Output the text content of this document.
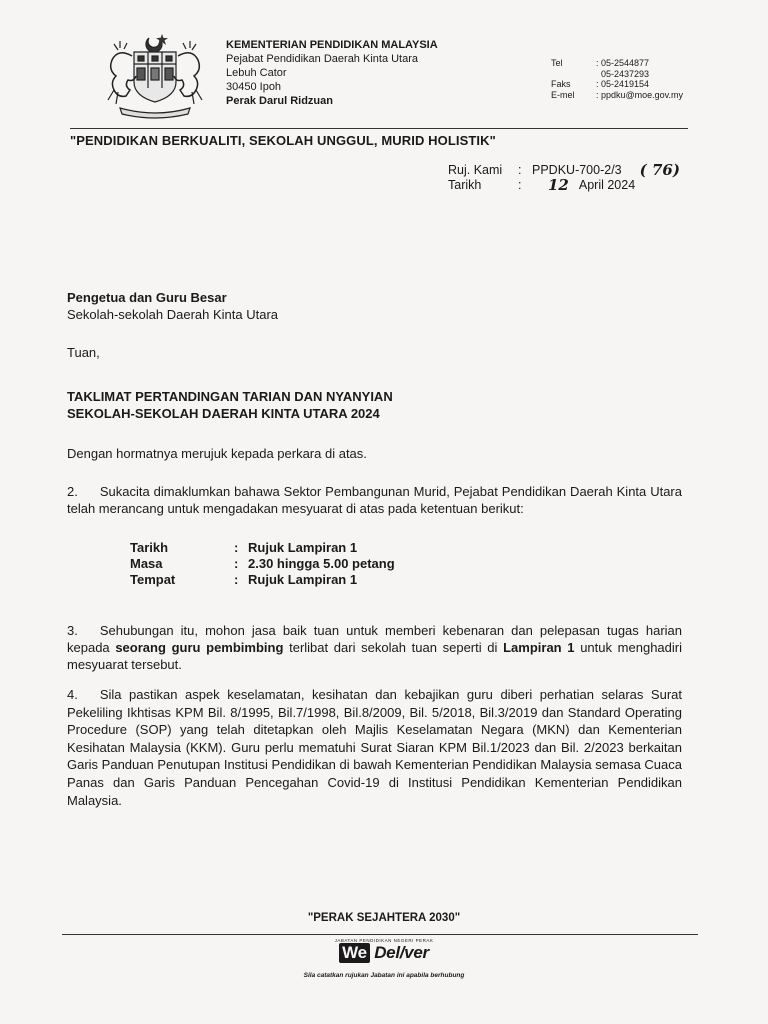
KEMENTERIAN PENDIDIKAN MALAYSIA
Pejabat Pendidikan Daerah Kinta Utara
Lebuh Cator
30450 Ipoh
Perak Darul Ridzuan
Tel	: 05-2544877
05-2437293
Faks	: 05-2419154
E-mel	: ppdku@moe.gov.my
"PENDIDIKAN BERKUALITI, SEKOLAH UNGGUL, MURID HOLISTIK"
Ruj. Kami	: PPDKU-700-2/3 ( 76)
Tarikh	:	12 April 2024
Pengetua dan Guru Besar
Sekolah-sekolah Daerah Kinta Utara
Tuan,
TAKLIMAT PERTANDINGAN TARIAN DAN NYANYIAN
SEKOLAH-SEKOLAH DAERAH KINTA UTARA 2024
Dengan hormatnya merujuk kepada perkara di atas.
2. Sukacita dimaklumkan bahawa Sektor Pembangunan Murid, Pejabat Pendidikan Daerah Kinta Utara telah merancang untuk mengadakan mesyuarat di atas pada ketentuan berikut:
Tarikh	: Rujuk Lampiran 1
Masa	: 2.30 hingga 5.00 petang
Tempat	: Rujuk Lampiran 1
3. Sehubungan itu, mohon jasa baik tuan untuk memberi kebenaran dan pelepasan tugas harian kepada seorang guru pembimbing terlibat dari sekolah tuan seperti di Lampiran 1 untuk menghadiri mesyuarat tersebut.
4. Sila pastikan aspek keselamatan, kesihatan dan kebajikan guru diberi perhatian selaras Surat Pekeliling Ikhtisas KPM Bil. 8/1995, Bil.7/1998, Bil.8/2009, Bil. 5/2018, Bil.3/2019 dan Standard Operating Procedure (SOP) yang telah ditetapkan oleh Majlis Keselamatan Negara (MKN) dan Kementerian Kesihatan Malaysia (KKM). Guru perlu mematuhi Surat Siaran KPM Bil.1/2023 dan Bil. 2/2023 berkaitan Garis Panduan Penutupan Institusi Pendidikan di bawah Kementerian Pendidikan Malaysia semasa Cuaca Panas dan Garis Panduan Pencegahan Covid-19 di Institusi Pendidikan Kementerian Pendidikan Malaysia.
"PERAK SEJAHTERA 2030"
JABATAN PENDIDIKAN NEGERI PERAK
We Del/ver
Sila catatkan rujukan Jabatan ini apabila berhubung
